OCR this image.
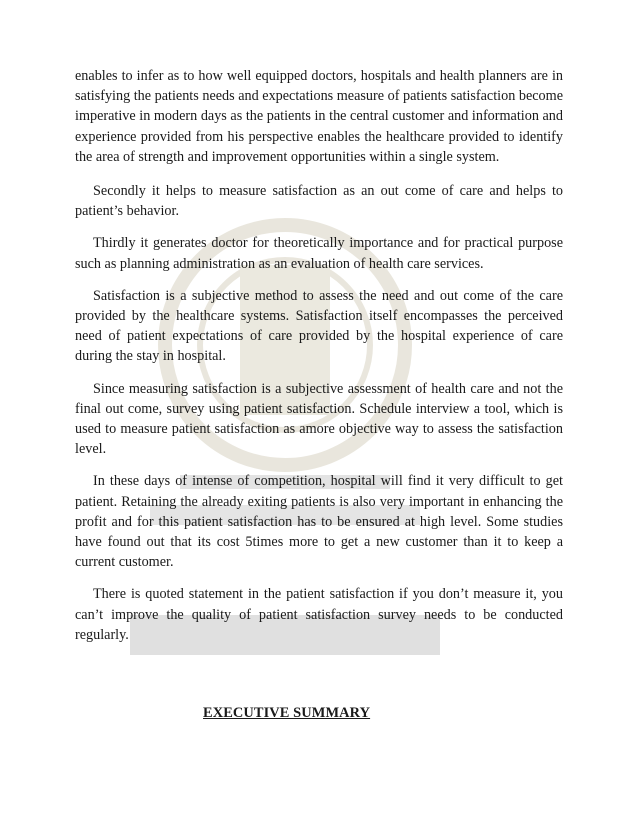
enables to infer as to how well equipped doctors, hospitals and health planners are in satisfying the patients needs and expectations measure of patients satisfaction become imperative in modern days as the patients in the central customer and information and experience provided from his perspective enables the healthcare provided to identify the area of strength and improvement opportunities within a single system.

Secondly it helps to measure satisfaction as an out come of care and helps to patient’s behavior.

Thirdly it generates doctor for theoretically importance and for practical purpose such as planning administration as an evaluation of health care services.

Satisfaction is a subjective method to assess the need and out come of the care provided by the healthcare systems. Satisfaction itself encompasses the perceived need of patient expectations of care provided by the hospital experience of care during the stay in hospital.

Since measuring satisfaction is a subjective assessment of health care and not the final out come, survey using patient satisfaction. Schedule interview a tool, which is used to measure patient satisfaction as amore objective way to assess the satisfaction level.

In these days of intense of competition, hospital will find it very difficult to get patient. Retaining the already exiting patients is also very important in enhancing the profit and for this patient satisfaction has to be ensured at high level. Some studies have found out that its cost 5times more to get a new customer than it to keep a current customer.

There is quoted statement in the patient satisfaction if you don’t measure it, you can’t improve the quality of patient satisfaction survey needs to be conducted regularly.

EXECUTIVE SUMMARY
